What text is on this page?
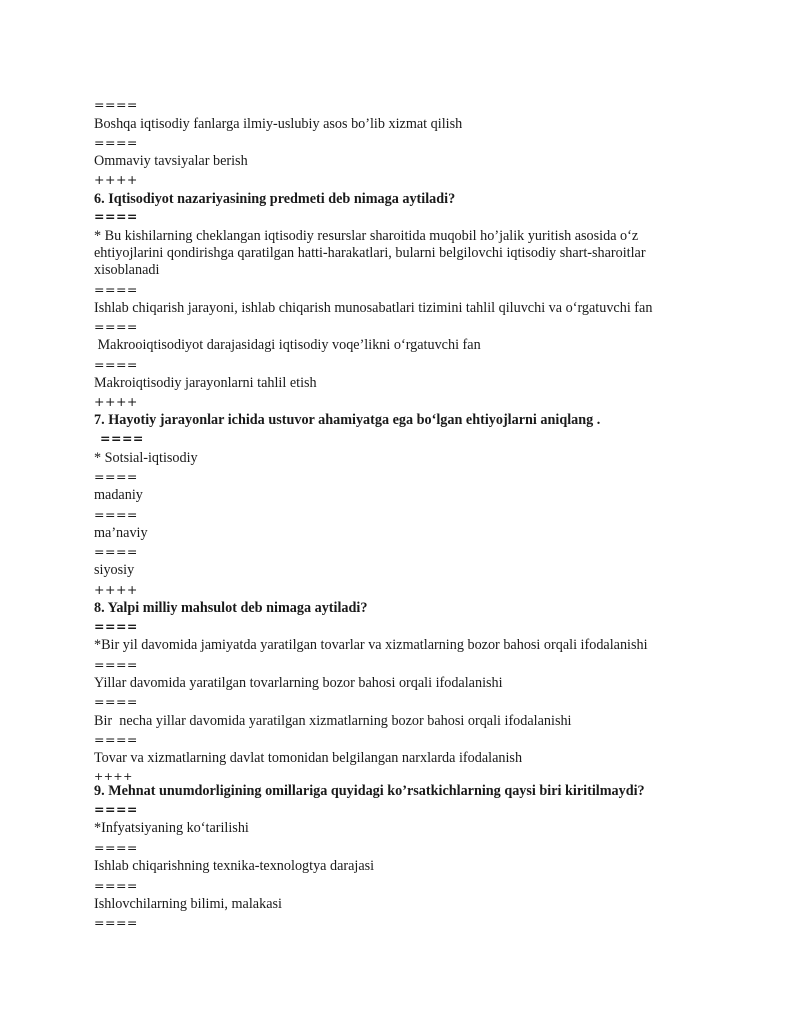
====
Boshqa iqtisodiy fanlarga ilmiy-uslubiy asos bo’lib xizmat qilish
====
Ommaviy tavsiyalar berish
++++
6. Iqtisodiyot nazariyasining predmeti deb nimaga aytiladi?
====
* Bu kishilarning cheklangan iqtisodiy resurslar sharoitida muqobil ho’jalik yuritish asosida o‘z ehtiyojlarini qondirishga qaratilgan hatti-harakatlari, bularni belgilovchi iqtisodiy shart-sharoitlar xisoblanadi
====
Ishlab chiqarish jarayoni, ishlab chiqarish munosabatlari tizimini tahlil qiluvchi va o‘rgatuvchi fan
====
Makrooiqtisodiyot darajasidagi iqtisodiy voqe’likni o‘rgatuvchi fan
====
Makroiqtisodiy jarayonlarni tahlil etish
++++
7. Hayotiy jarayonlar ichida ustuvor ahamiyatga ega bo‘lgan ehtiyojlarni aniqlang .
====
* Sotsial-iqtisodiy
====
madaniy
====
ma’naviy
====
siyosiy
++++
8. Yalpi milliy mahsulot deb nimaga aytiladi?
====
*Bir yil davomida jamiyatda yaratilgan tovarlar va xizmatlarning bozor bahosi orqali ifodalanishi
====
Yillar davomida yaratilgan tovarlarning bozor bahosi orqali ifodalanishi
====
Bir  necha yillar davomida yaratilgan xizmatlarning bozor bahosi orqali ifodalanishi
====
Tovar va xizmatlarning davlat tomonidan belgilangan narxlarda ifodalanish
++++
9. Mehnat unumdorligining omillariga quyidagi ko’rsatkichlarning qaysi biri kiritilmaydi?
====
*Infyatsiyaning ko‘tarilishi
====
Ishlab chiqarishning texnika-texnologtya darajasi
====
Ishlovchilarning bilimi, malakasi
====
